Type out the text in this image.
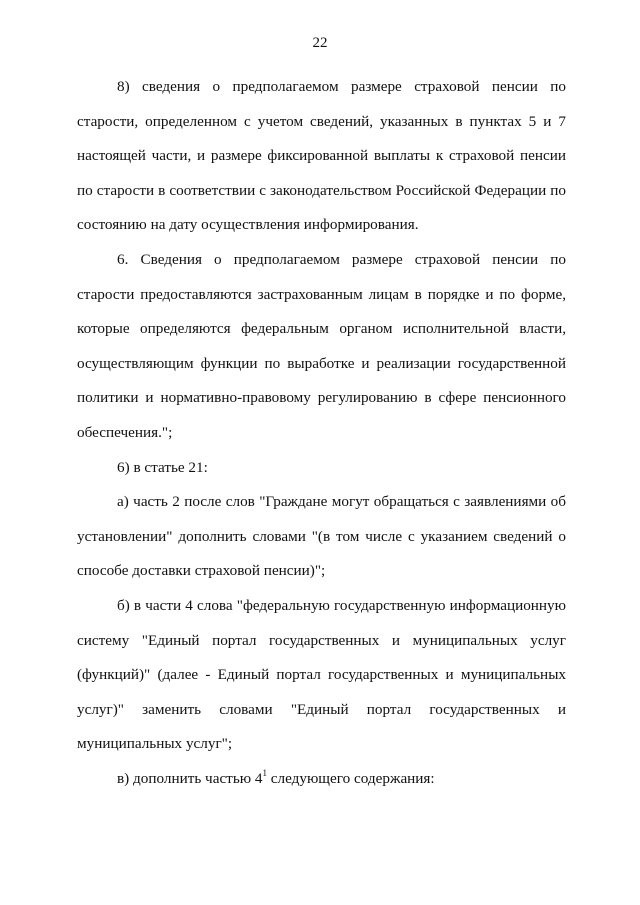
22

8) сведения о предполагаемом размере страховой пенсии по старости, определенном с учетом сведений, указанных в пунктах 5 и 7 настоящей части, и размере фиксированной выплаты к страховой пенсии по старости в соответствии с законодательством Российской Федерации по состоянию на дату осуществления информирования.

6. Сведения о предполагаемом размере страховой пенсии по старости предоставляются застрахованным лицам в порядке и по форме, которые определяются федеральным органом исполнительной власти, осуществляющим функции по выработке и реализации государственной политики и нормативно-правовому регулированию в сфере пенсионного обеспечения.";

6) в статье 21:

а) часть 2 после слов "Граждане могут обращаться с заявлениями об установлении" дополнить словами "(в том числе с указанием сведений о способе доставки страховой пенсии)";

б) в части 4 слова "федеральную государственную информационную систему "Единый портал государственных и муниципальных услуг (функций)" (далее - Единый портал государственных и муниципальных услуг)" заменить словами "Единый портал государственных и муниципальных услуг";

в) дополнить частью $4^1$ следующего содержания:
